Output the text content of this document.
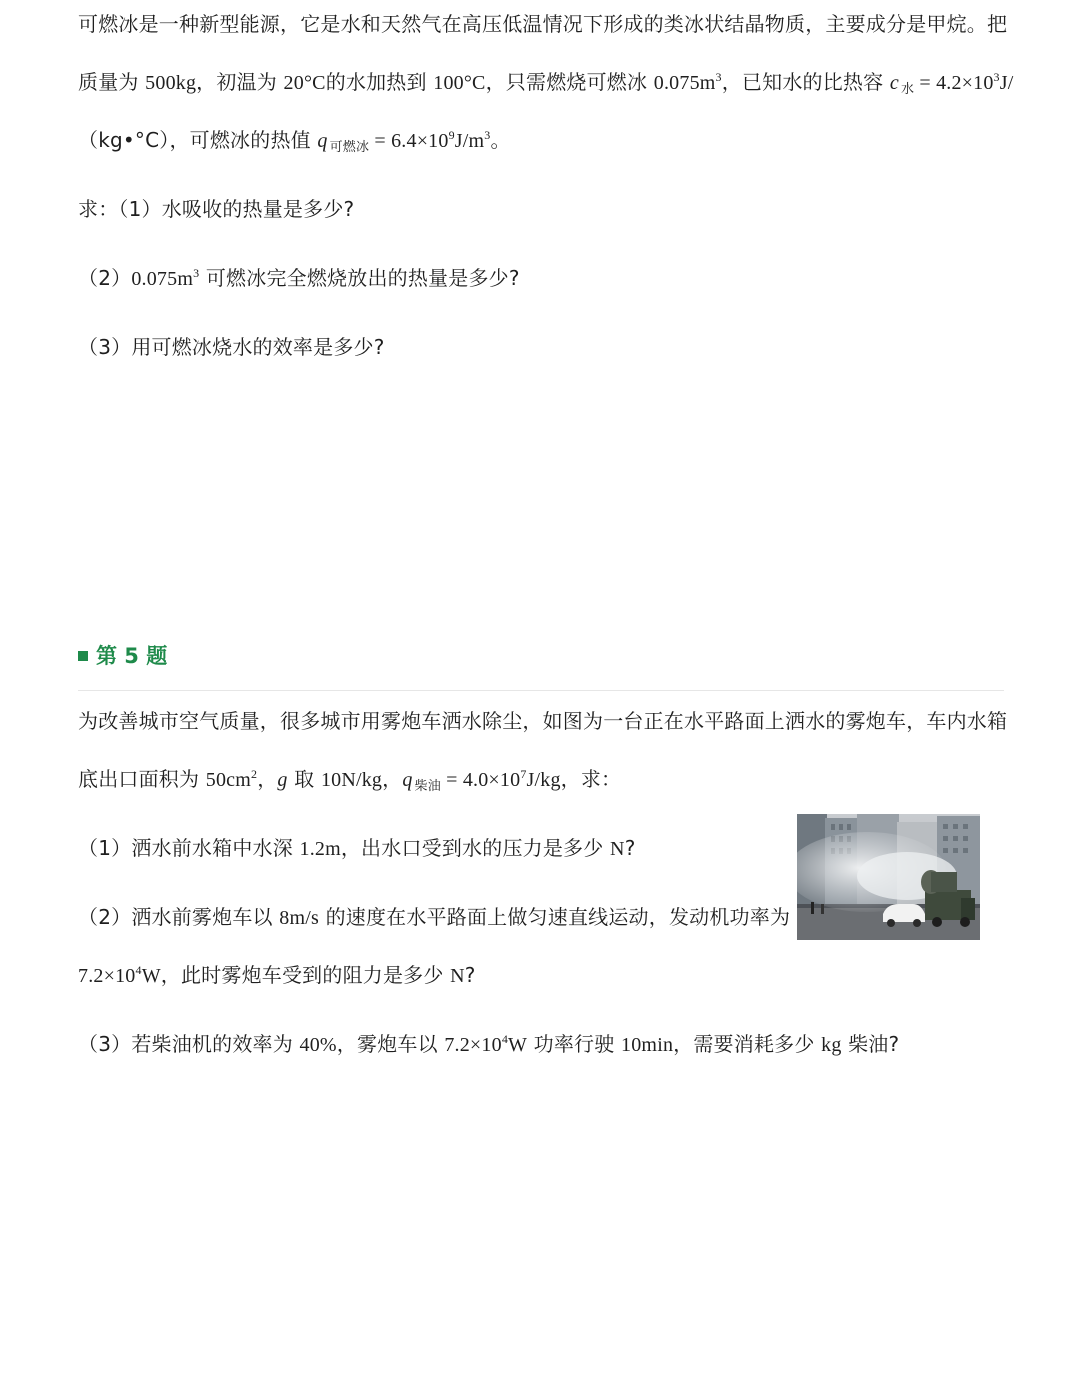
可燃冰是一种新型能源，它是水和天然气在高压低温情况下形成的类冰状结晶物质，主要成分是甲烷。把
质量为 500kg，初温为 20°C的水加热到 100°C，只需燃烧可燃冰 $0.075m^3$，已知水的比热容 c $_水 = 4.2\times 10^3J/$
（kg•°C），可燃冰的热值 q $_{可燃冰} = 6.4\times 10^9J/m^3$。
求：（1）水吸收的热量是多少?
$(2)0.075m^3$ 可燃冰完全燃烧放出的热量是多少?
（3）用可燃冰烧水的效率是多少?
第 5 题
为改善城市空气质量，很多城市用雾炮车洒水除尘，如图为一台正在水平路面上洒水的雾炮车，车内水箱
底出口面积为 $50cm^2$，g 取 10N/kg，q $_{柴油} = 4.0\times 10^7J/kg$，求：
（1）洒水前水箱中水深 1.2m，出水口受到水的压力是多少 N?
（2）洒水前雾炮车以 8m/s 的速度在水平路面上做匀速直线运动，发动机功率为
$7.2\times 10^4W$，此时雾炮车受到的阻力是多少 N?
（3）若柴油机的效率为 40%，雾炮车以 $7.2\times 10^4W$ 功率行驶 10min，需要消耗多少 kg 柴油?
